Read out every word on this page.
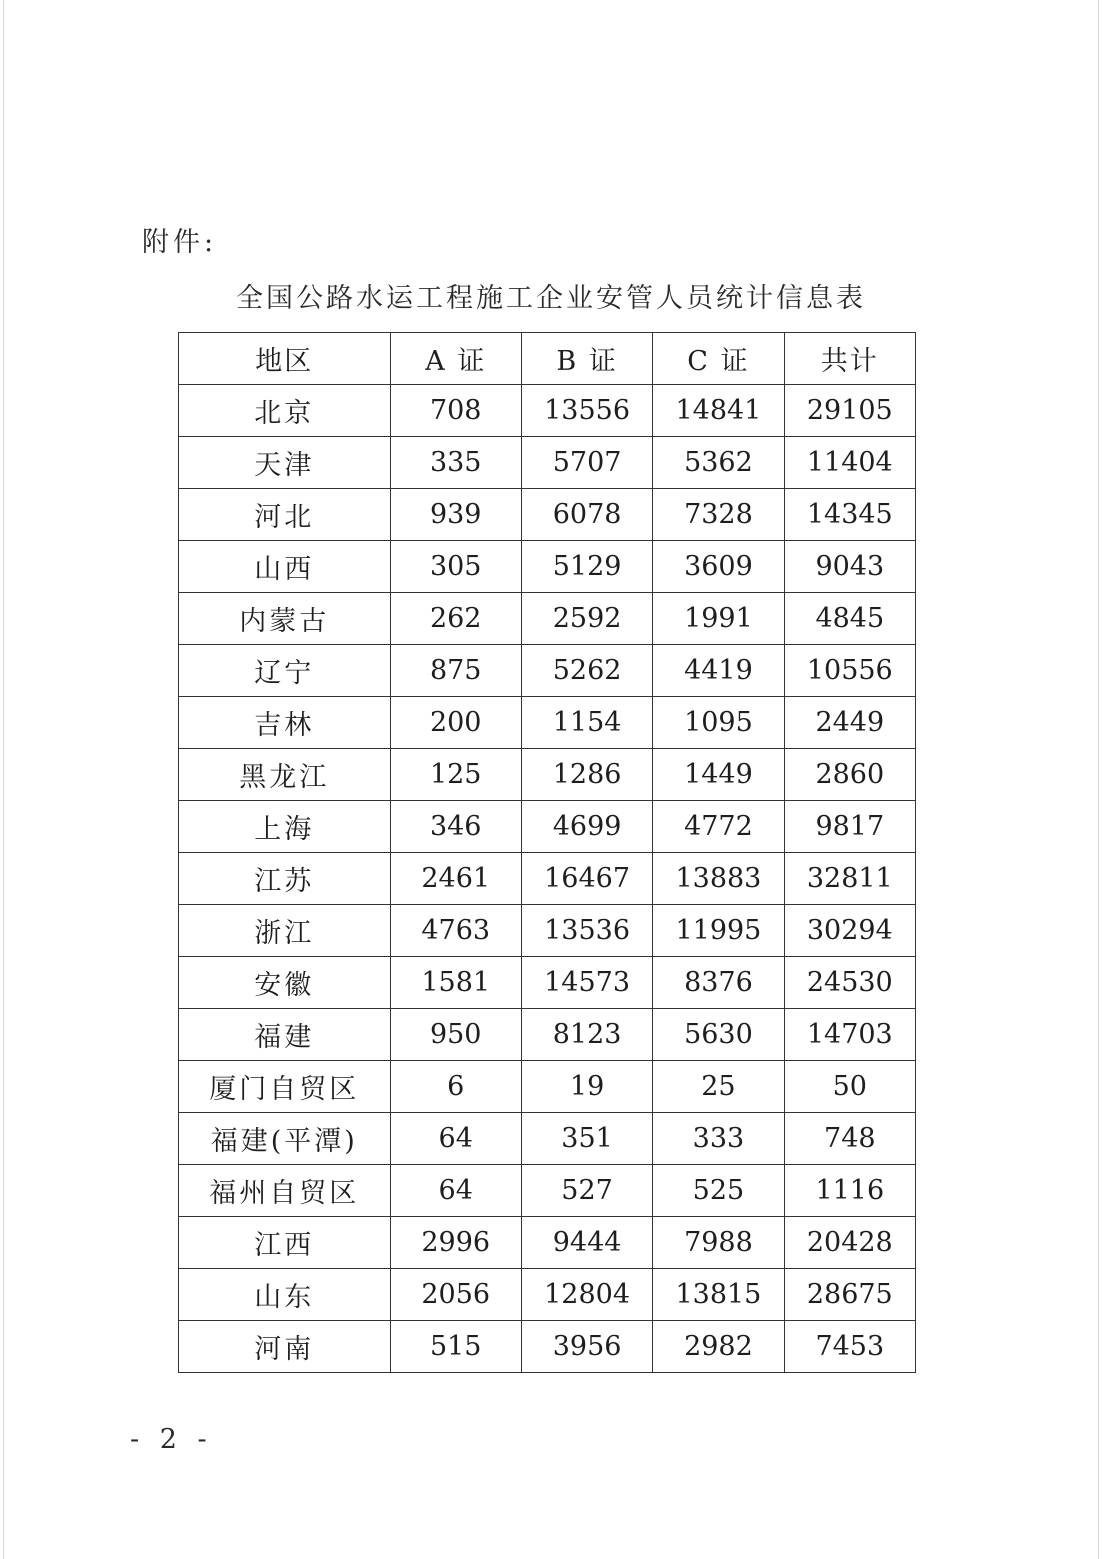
附件:
全国公路水运工程施工企业安管人员统计信息表
地区	A 证	B 证	C 证	共计
北京	708	13556	14841	29105
天津	335	5707	5362	11404
河北	939	6078	7328	14345
山西	305	5129	3609	9043
内蒙古	262	2592	1991	4845
辽宁	875	5262	4419	10556
吉林	200	1154	1095	2449
黑龙江	125	1286	1449	2860
上海	346	4699	4772	9817
江苏	2461	16467	13883	32811
浙江	4763	13536	11995	30294
安徽	1581	14573	8376	24530
福建	950	8123	5630	14703
厦门自贸区	6	19	25	50
福建(平潭)	64	351	333	748
福州自贸区	64	527	525	1116
江西	2996	9444	7988	20428
山东	2056	12804	13815	28675
河南	515	3956	2982	7453
- 2 -
